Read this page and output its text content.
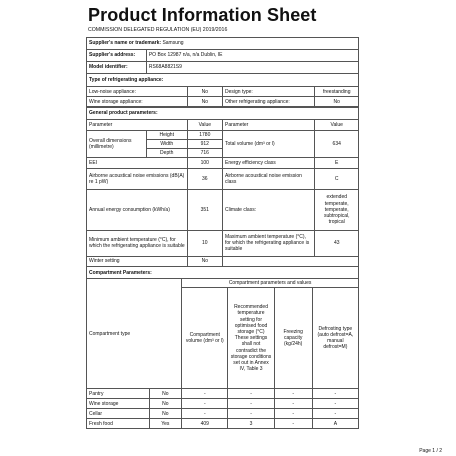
Product Information Sheet
COMMISSION DELEGATED REGULATION (EU) 2019/2016
Supplier's name or trademark: Samsung	
Supplier's address:	PO Box 12987 n/a, n/a Dublin, IE
Model identifier:	RS68A8821S9
Type of refrigerating appliance:			
Low-noise appliance:	No	Design type:	freestanding
Wine storage appliance:	No	Other refrigerating appliance:	No
General product parameters:				
Parameter		Value	Parameter	Value
Overall dimensions (millimetre)	Height	1780	Total volume (dm³ or l)	634
	Width	912		
	Depth	716		
EEI		100	Energy efficiency class	E
Airborne acoustical noise emissions (dB(A) re 1 pW)		36	Airborne acoustical noise emission class	C
Annual energy consumption (kWh/a)		351	Climate class:	extended temperate, temperate, subtropical, tropical
Minimum ambient temperature (°C), for which the refrigerating appliance is suitable		10	Maximum ambient temperature (°C), for which the refrigerating appliance is suitable	43
Winter setting		No		
Compartment Parameters:					
Compartment type		Compartment parameters and values			
		Compartment volume (dm³ or l)	Recommended temperature setting for optimised food storage (°C) These settings shall not contradict the storage conditions set out in Annex IV, Table 3	Freezing capacity (kg/24h)	Defrosting type (auto defrost=A, manual defrost=M)
Pantry	No	-	-	-	-
Wine storage	No	-	-	-	-
Cellar	No	-	-	-	-
Fresh food	Yes	409	3	-	A
Page 1 / 2
